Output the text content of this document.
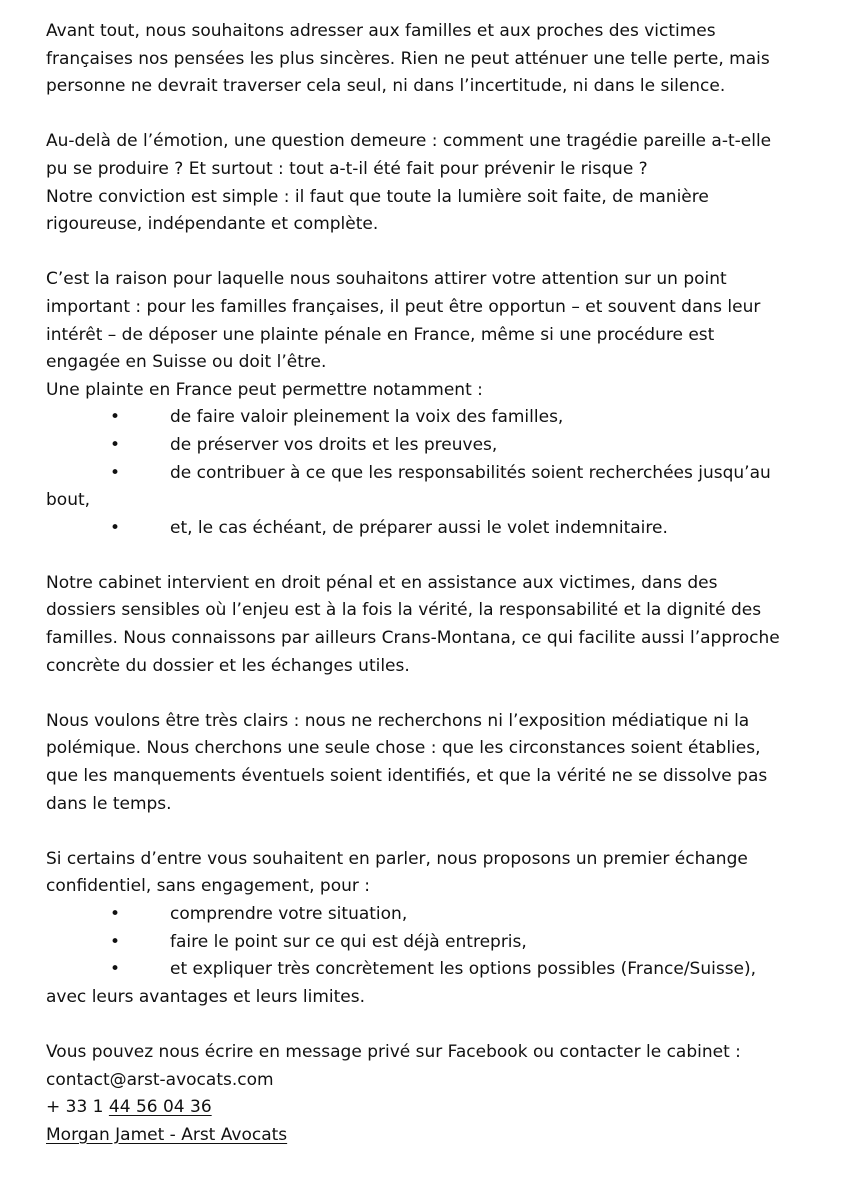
Avant tout, nous souhaitons adresser aux familles et aux proches des victimes
françaises nos pensées les plus sincères. Rien ne peut atténuer une telle perte, mais
personne ne devrait traverser cela seul, ni dans l’incertitude, ni dans le silence.
Au-delà de l’émotion, une question demeure : comment une tragédie pareille a-t-elle
pu se produire ? Et surtout : tout a-t-il été fait pour prévenir le risque ?
Notre conviction est simple : il faut que toute la lumière soit faite, de manière
rigoureuse, indépendante et complète.
C’est la raison pour laquelle nous souhaitons attirer votre attention sur un point
important : pour les familles françaises, il peut être opportun – et souvent dans leur
intérêt – de déposer une plainte pénale en France, même si une procédure est
engagée en Suisse ou doit l’être.
Une plainte en France peut permettre notamment :
•	de faire valoir pleinement la voix des familles,
•	de préserver vos droits et les preuves,
•	de contribuer à ce que les responsabilités soient recherchées jusqu’au
bout,
•	et, le cas échéant, de préparer aussi le volet indemnitaire.
Notre cabinet intervient en droit pénal et en assistance aux victimes, dans des
dossiers sensibles où l’enjeu est à la fois la vérité, la responsabilité et la dignité des
familles. Nous connaissons par ailleurs Crans-Montana, ce qui facilite aussi l’approche
concrète du dossier et les échanges utiles.
Nous voulons être très clairs : nous ne recherchons ni l’exposition médiatique ni la
polémique. Nous cherchons une seule chose : que les circonstances soient établies,
que les manquements éventuels soient identifiés, et que la vérité ne se dissolve pas
dans le temps.
Si certains d’entre vous souhaitent en parler, nous proposons un premier échange
confidentiel, sans engagement, pour :
•	comprendre votre situation,
•	faire le point sur ce qui est déjà entrepris,
•	et expliquer très concrètement les options possibles (France/Suisse),
avec leurs avantages et leurs limites.
Vous pouvez nous écrire en message privé sur Facebook ou contacter le cabinet :
contact@arst-avocats.com
+ 33 1 44 56 04 36
Morgan Jamet - Arst Avocats
